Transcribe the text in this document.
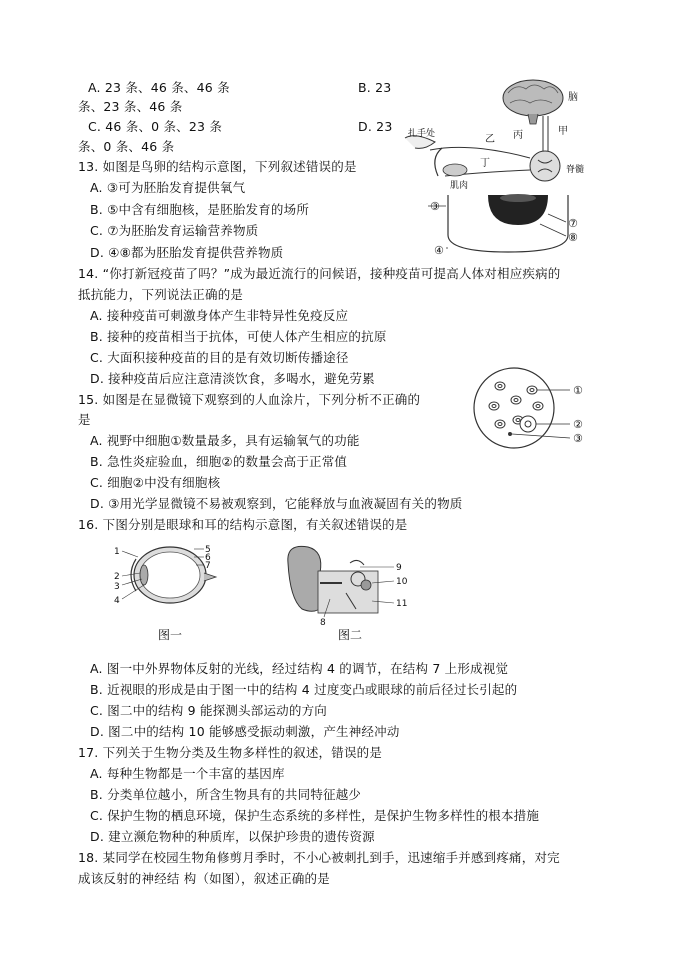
A. 23 条、46 条、46 条	B. 23
条、23 条、46 条
C. 46 条、0 条、23 条	D. 23
条、0 条、46 条
13. 如图是鸟卵的结构示意图，下列叙述错误的是
A. ③可为胚胎发育提供氧气
B. ⑤中含有细胞核，是胚胎发育的场所
C. ⑦为胚胎发育运输营养物质
D. ④⑧都为胚胎发育提供营养物质
14. “你打新冠疫苗了吗？”成为最近流行的问候语，接种疫苗可提高人体对相应疾病的
抵抗能力，下列说法正确的是
A. 接种疫苗可刺激身体产生非特异性免疫反应
B. 接种的疫苗相当于抗体，可使人体产生相应的抗原
C. 大面积接种疫苗的目的是有效切断传播途径
D. 接种疫苗后应注意清淡饮食，多喝水，避免劳累
15. 如图是在显微镜下观察到的人血涂片，下列分析不正确的
是
A. 视野中细胞①数量最多，具有运输氧气的功能
B. 急性炎症验血，细胞②的数量会高于正常值
C. 细胞②中没有细胞核
D. ③用光学显微镜不易被观察到，它能释放与血液凝固有关的物质
16. 下图分别是眼球和耳的结构示意图，有关叙述错误的是
A. 图一中外界物体反射的光线，经过结构 4 的调节，在结构 7 上形成视觉
B. 近视眼的形成是由于图一中的结构 4 过度变凸或眼球的前后径过长引起的
C. 图二中的结构 9 能探测头部运动的方向
D. 图二中的结构 10 能够感受振动刺激，产生神经冲动
17. 下列关于生物分类及生物多样性的叙述，错误的是
A. 每种生物都是一个丰富的基因库
B. 分类单位越小，所含生物具有的共同特征越少
C. 保护生物的栖息环境，保护生态系统的多样性，是保护生物多样性的根本措施
D. 建立濒危物种的种质库，以保护珍贵的遗传资源
18. 某同学在校园生物角修剪月季时，不小心被刺扎到手，迅速缩手并感到疼痛，对完
成该反射的神经结 构（如图），叙述正确的是
脑
甲
丙
乙
丁
扎手处
脊髓
肌肉
③
④
⑦
⑧
①
②
③
1
2
3
4
5
6
7
图一
9
10
11
8
图二
